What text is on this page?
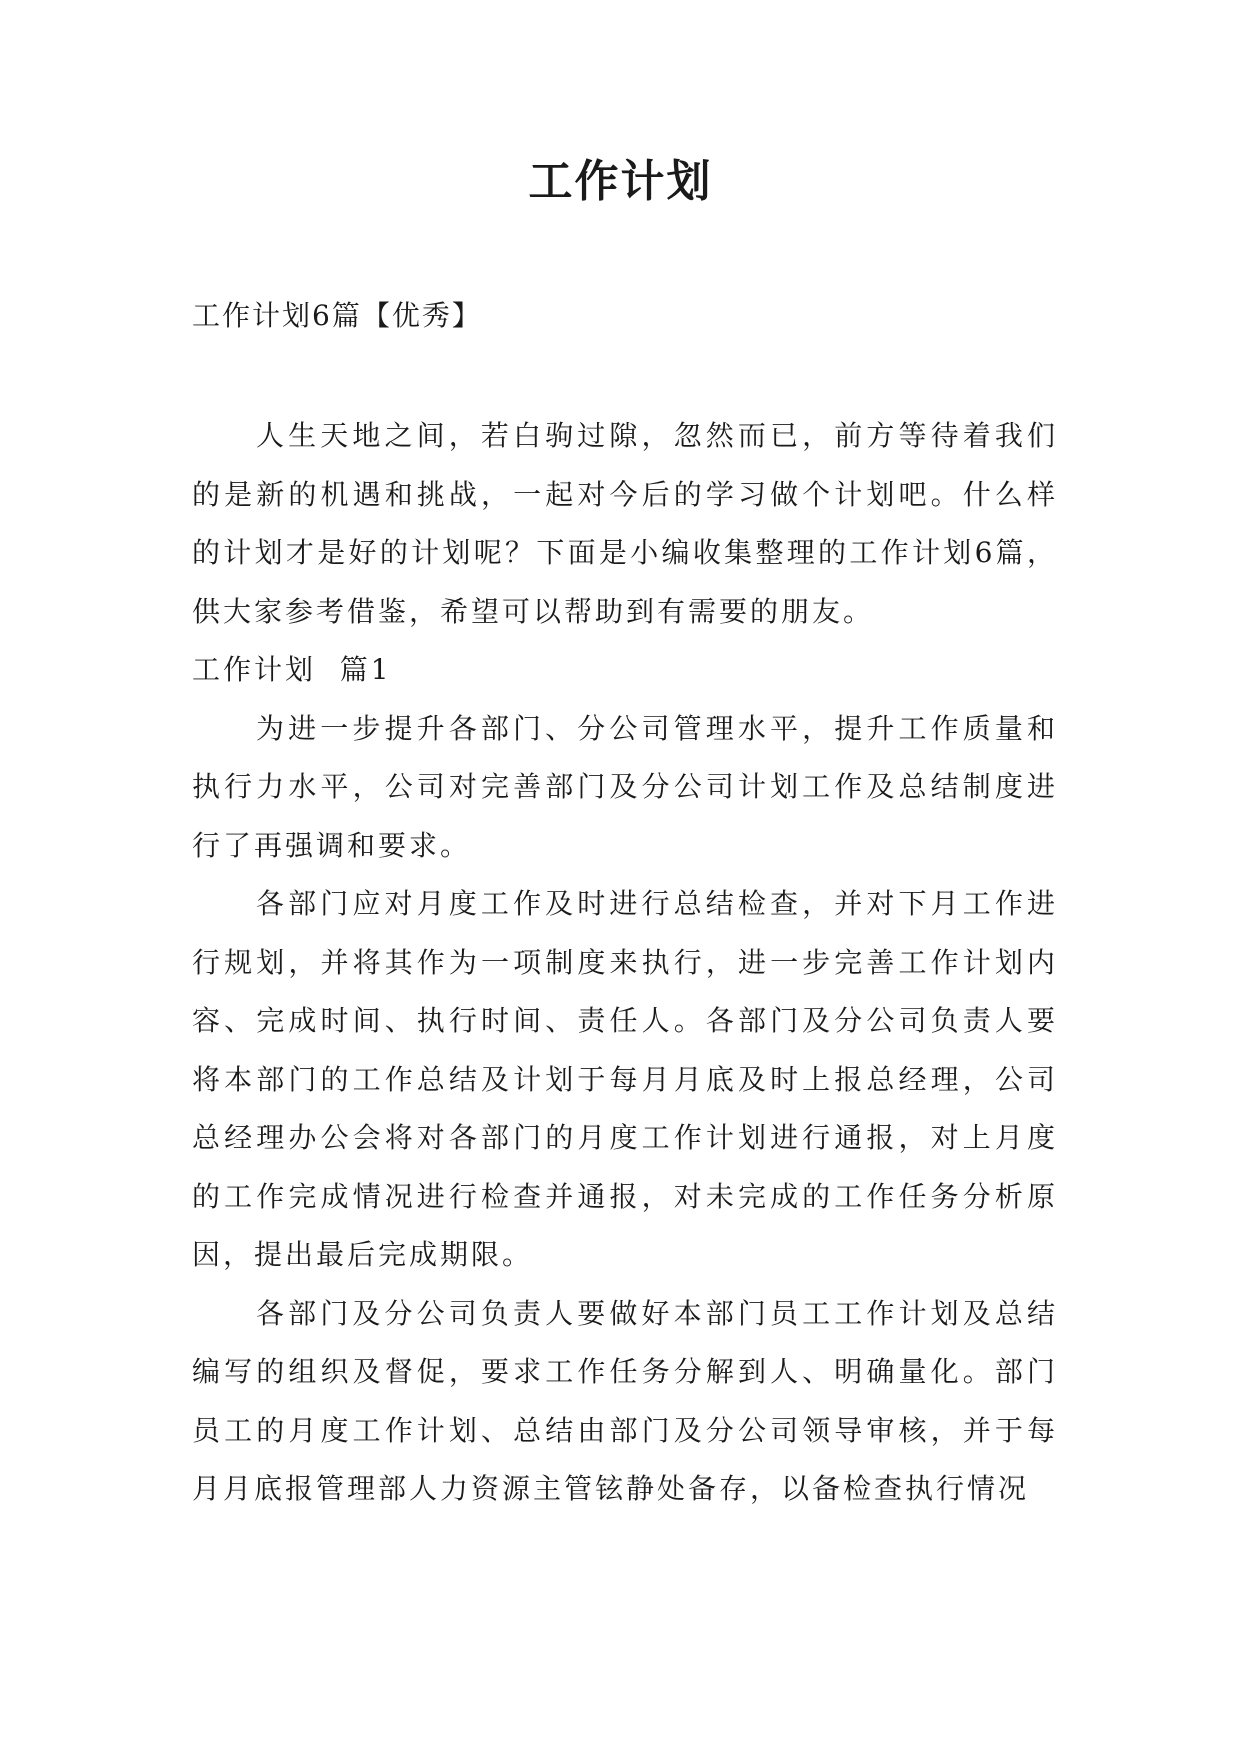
工作计划
工作计划6篇【优秀】

人生天地之间，若白驹过隙，忽然而已，前方等待着我们的是新的机遇和挑战，一起对今后的学习做个计划吧。什么样的计划才是好的计划呢？下面是小编收集整理的工作计划6篇，供大家参考借鉴，希望可以帮助到有需要的朋友。

工作计划  篇1

为进一步提升各部门、分公司管理水平，提升工作质量和执行力水平，公司对完善部门及分公司计划工作及总结制度进行了再强调和要求。

各部门应对月度工作及时进行总结检查，并对下月工作进行规划，并将其作为一项制度来执行，进一步完善工作计划内容、完成时间、执行时间、责任人。各部门及分公司负责人要将本部门的工作总结及计划于每月月底及时上报总经理，公司总经理办公会将对各部门的月度工作计划进行通报，对上月度的工作完成情况进行检查并通报，对未完成的工作任务分析原因，提出最后完成期限。

各部门及分公司负责人要做好本部门员工工作计划及总结编写的组织及督促，要求工作任务分解到人、明确量化。部门员工的月度工作计划、总结由部门及分公司领导审核，并于每月月底报管理部人力资源主管铉静处备存，以备检查执行情况
